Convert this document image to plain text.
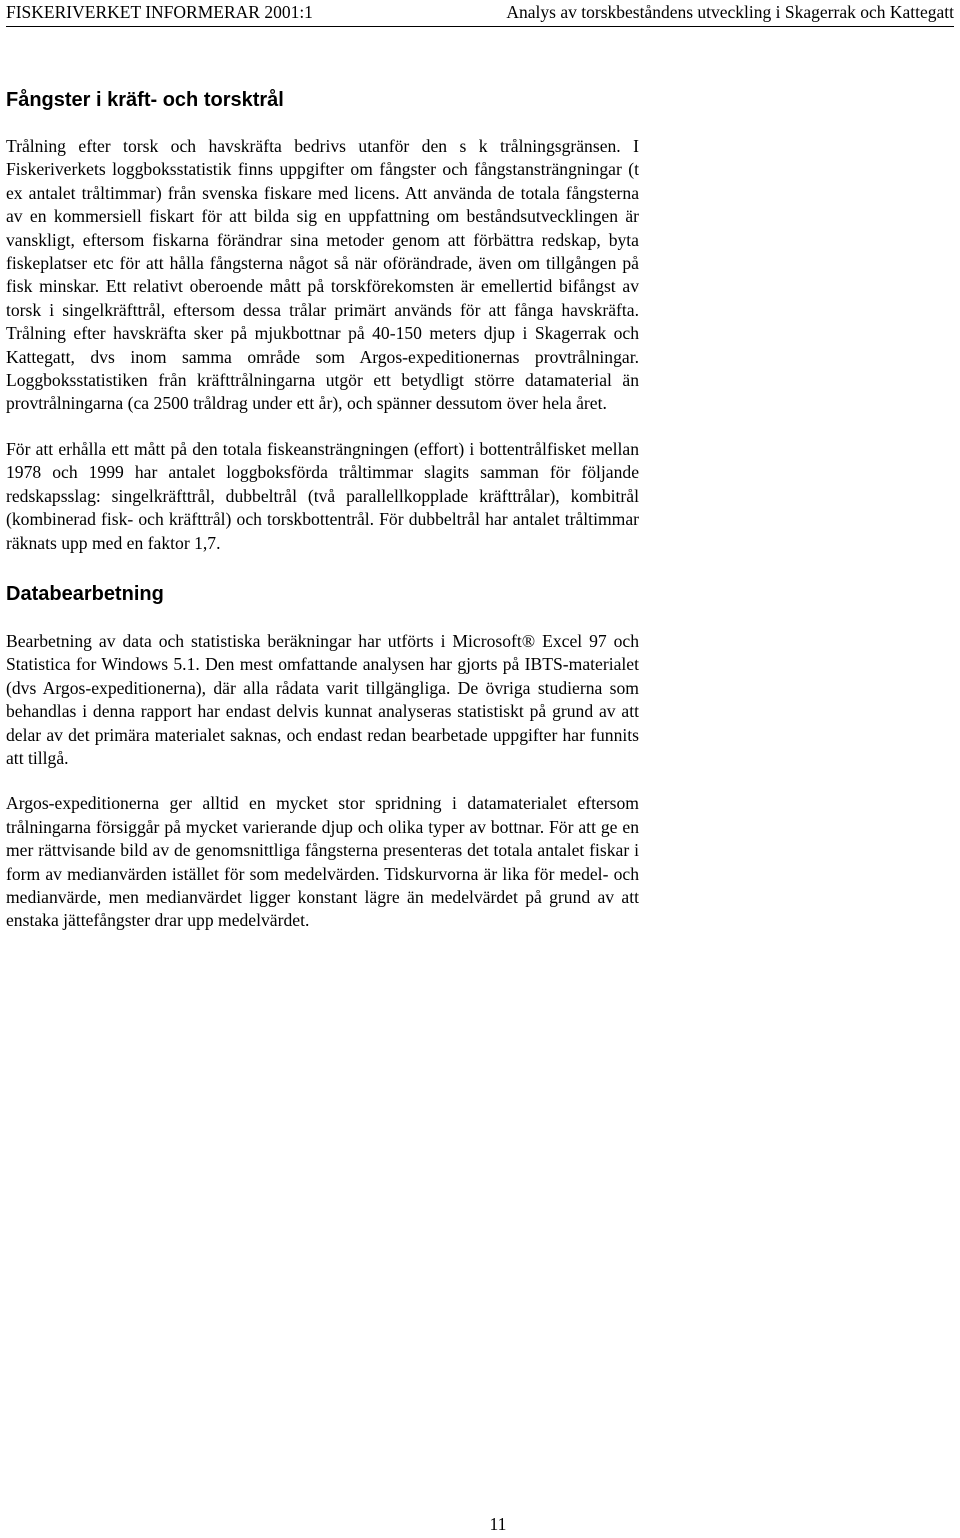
FISKERIVERKET INFORMERAR 2001:1	Analys av torskbeståndens utveckling i Skagerrak och Kattegatt
Fångster i kräft- och torsktrål

Trålning efter torsk och havskräfta bedrivs utanför den s k trålningsgränsen. I Fiskeriverkets loggboksstatistik finns uppgifter om fångster och fångstansträngningar (t ex antalet tråltimmar) från svenska fiskare med licens. Att använda de totala fångsterna av en kommersiell fiskart för att bilda sig en uppfattning om beståndsutvecklingen är vanskligt, eftersom fiskarna förändrar sina metoder genom att förbättra redskap, byta fiskeplatser etc för att hålla fångsterna något så när oförändrade, även om tillgången på fisk minskar. Ett relativt oberoende mått på torskförekomsten är emellertid bifångst av torsk i singelkräfttrål, eftersom dessa trålar primärt används för att fånga havskräfta. Trålning efter havskräfta sker på mjukbottnar på 40-150 meters djup i Skagerrak och Kattegatt, dvs inom samma område som Argos-expeditionernas provtrålningar. Loggboksstatistiken från kräfttrålningarna utgör ett betydligt större datamaterial än provtrålningarna (ca 2500 tråldrag under ett år), och spänner dessutom över hela året.

För att erhålla ett mått på den totala fiskeansträngningen (effort) i bottentrålfisket mellan 1978 och 1999 har antalet loggboksförda tråltimmar slagits samman för följande redskapsslag: singelkräfttrål, dubbeltrål (två parallellkopplade kräfttrålar), kombitrål (kombinerad fisk- och kräfttrål) och torskbottentrål. För dubbeltrål har antalet tråltimmar räknats upp med en faktor 1,7.

Databearbetning

Bearbetning av data och statistiska beräkningar har utförts i Microsoft® Excel 97 och Statistica for Windows 5.1. Den mest omfattande analysen har gjorts på IBTS-materialet (dvs Argos-expeditionerna), där alla rådata varit tillgängliga. De övriga studierna som behandlas i denna rapport har endast delvis kunnat analyseras statistiskt på grund av att delar av det primära materialet saknas, och endast redan bearbetade uppgifter har funnits att tillgå.

Argos-expeditionerna ger alltid en mycket stor spridning i datamaterialet eftersom trålningarna försiggår på mycket varierande djup och olika typer av bottnar. För att ge en mer rättvisande bild av de genomsnittliga fångsterna presenteras det totala antalet fiskar i form av medianvärden istället för som medelvärden. Tidskurvorna är lika för medel- och medianvärde, men medianvärdet ligger konstant lägre än medelvärdet på grund av att enstaka jättefångster drar upp medelvärdet.

11
